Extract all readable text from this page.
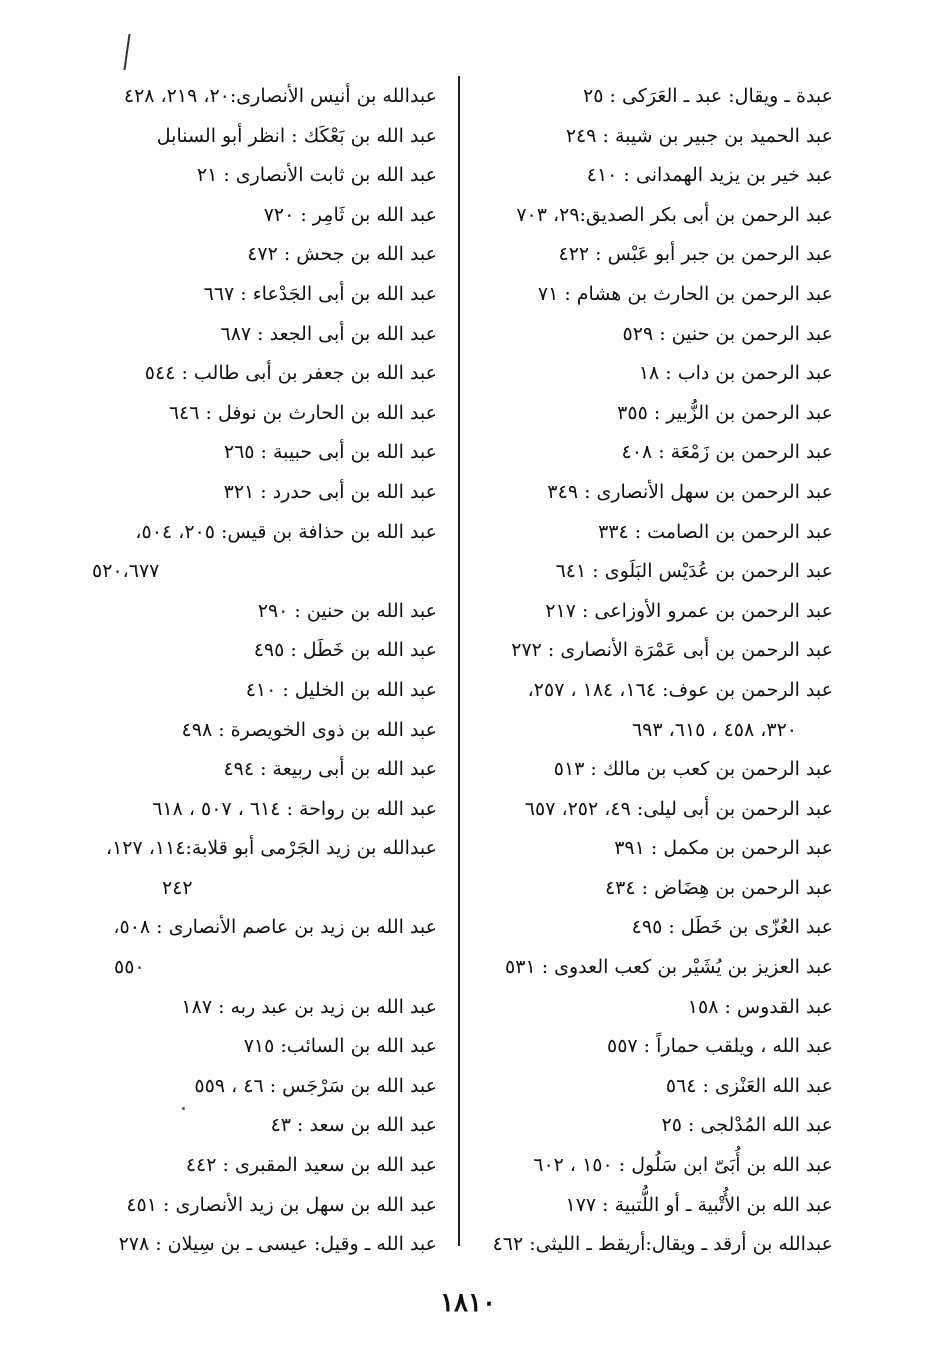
عبدة ـ ويقال: عبد ـ العَرَكى : ٢٥
عبد الحميد بن جبير بن شيبة : ٢٤٩
عبد خير بن يزيد الهمدانى : ٤١٠
عبد الرحمن بن أبى بكر الصديق:٢٩، ٧٠٣
عبد الرحمن بن جبر أبو عَبْس : ٤٢٢
عبد الرحمن بن الحارث بن هشام : ٧١
عبد الرحمن بن حنين : ٥٢٩
عبد الرحمن بن داب : ١٨
عبد الرحمن بن الزُّبير : ٣٥٥
عبد الرحمن بن زَمْعَة : ٤٠٨
عبد الرحمن بن سهل الأنصارى : ٣٤٩
عبد الرحمن بن الصامت : ٣٣٤
عبد الرحمن بن عُدَيْس البَلَوى : ٦٤١
عبد الرحمن بن عمرو الأوزاعى : ٢١٧
عبد الرحمن بن أبى عَمْرَة الأنصارى : ٢٧٢
عبد الرحمن بن عوف: ١٦٤، ١٨٤ ، ٢٥٧،
٣٢٠، ٤٥٨ ، ٦١٥، ٦٩٣
عبد الرحمن بن كعب بن مالك : ٥١٣
عبد الرحمن بن أبى ليلى: ٤٩، ٢٥٢، ٦٥٧
عبد الرحمن بن مكمل : ٣٩١
عبد الرحمن بن هِضَاض : ٤٣٤
عبد العُزّى بن خَطَل : ٤٩٥
عبد العزيز بن يُشَيْر بن كعب العدوى : ٥٣١
عبد القدوس : ١٥٨
عبد الله ، ويلقب حماراً : ٥٥٧
عبد الله العَنْزى : ٥٦٤
عبد الله المُدْلجى : ٢٥
عبد الله بن أُبَىّ ابن سَلُول : ١٥٠ ، ٦٠٢
عبد الله بن الأُتْبية ـ أو اللُّتبية : ١٧٧
عبدالله بن أرقد ـ ويقال:أريقط ـ الليثى: ٤٦٢
عبدالله بن أنيس الأنصارى:٢٠، ٢١٩، ٤٢٨
عبد الله بن بَعْكَك : انظر أبو السنابل
عبد الله بن ثابت الأنصارى : ٢١
عبد الله بن ثَامِر : ٧٢٠
عبد الله بن جحش : ٤٧٢
عبد الله بن أبى الجَدْعاء : ٦٦٧
عبد الله بن أبى الجعد : ٦٨٧
عبد الله بن جعفر بن أبى طالب : ٥٤٤
عبد الله بن الحارث بن نوفل : ٦٤٦
عبد الله بن أبى حبيبة : ٢٦٥
عبد الله بن أبى حدرد : ٣٢١
عبد الله بن حذافة بن قيس: ٢٠٥، ٥٠٤،
٥٢٠،٦٧٧
عبد الله بن حنين : ٢٩٠
عبد الله بن خَطَل : ٤٩٥
عبد الله بن الخليل : ٤١٠
عبد الله بن ذوى الخويصرة : ٤٩٨
عبد الله بن أبى ربيعة : ٤٩٤
عبد الله بن رواحة : ٦١٤ ، ٥٠٧ ، ٦١٨
عبدالله بن زيد الجَرْمى أبو قلابة:١١٤، ١٢٧،
٢٤٢
عبد الله بن زيد بن عاصم الأنصارى : ٥٠٨،
٥٥٠
عبد الله بن زيد بن عبد ربه : ١٨٧
عبد الله بن السائب: ٧١٥
عبد الله بن سَرْجَس : ٤٦ ، ٥٥٩
عبد الله بن سعد : ٤٣
عبد الله بن سعيد المقبرى : ٤٤٢
عبد الله بن سهل بن زيد الأنصارى : ٤٥١
عبد الله ـ وقيل: عيسى ـ بن سِيلان : ٢٧٨
١٨١٠
